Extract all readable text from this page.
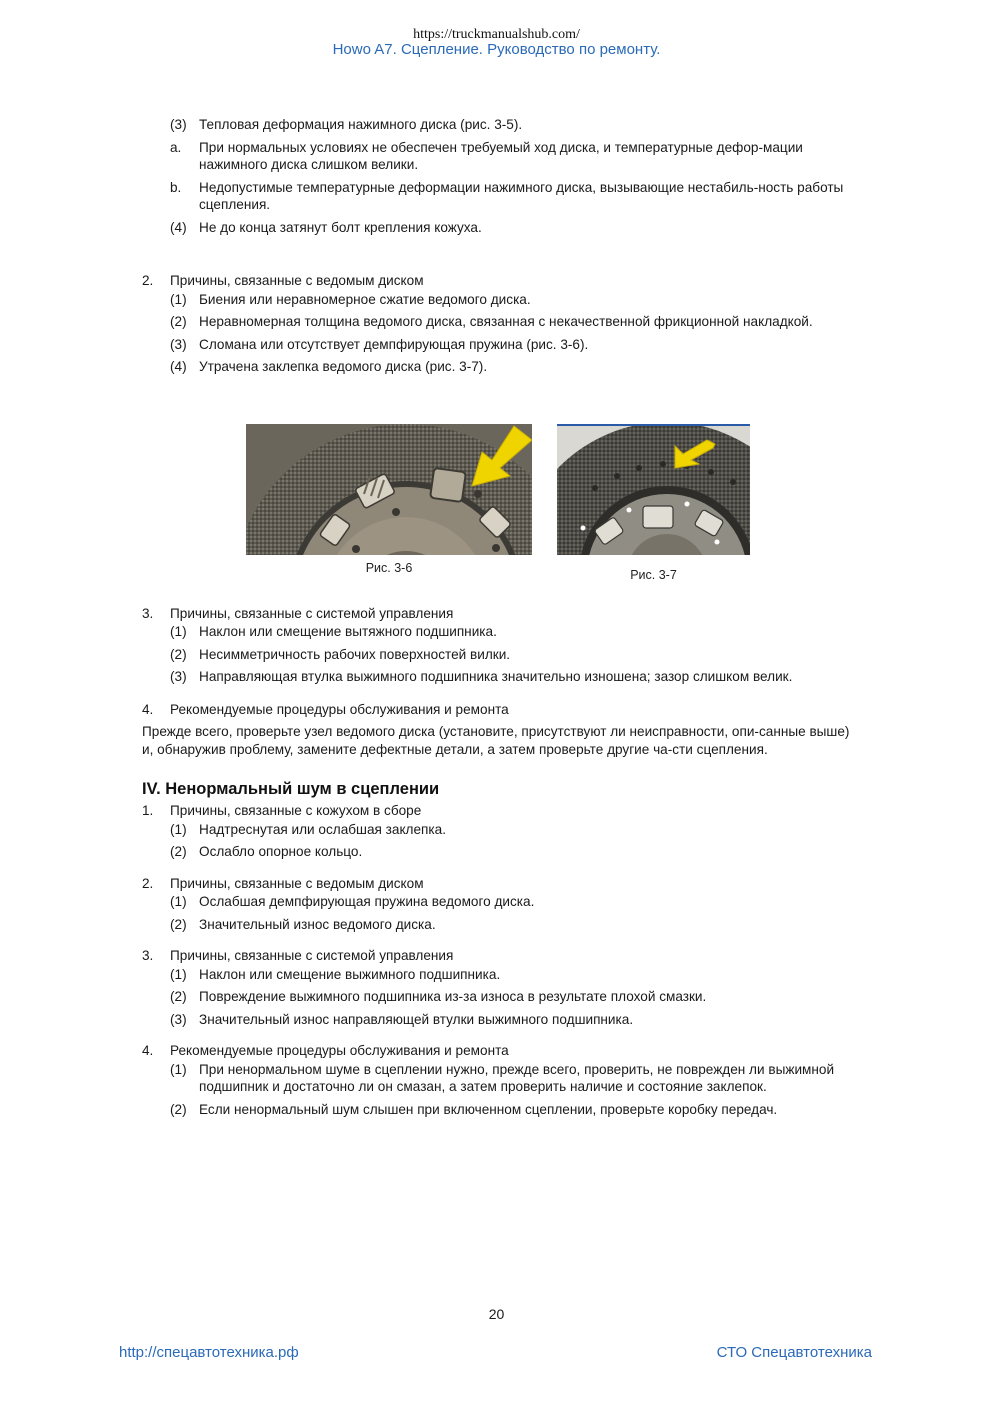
https://truckmanualshub.com/
Howo A7. Сцепление. Руководство по ремонту.
(3) Тепловая деформация нажимного диска (рис. 3-5).
a. При нормальных условиях не обеспечен требуемый ход диска, и температурные дефор-мации нажимного диска слишком велики.
b. Недопустимые температурные деформации нажимного диска, вызывающие нестабиль-ность работы сцепления.
(4) Не до конца затянут болт крепления кожуха.
2. Причины, связанные с ведомым диском
(1) Биения или неравномерное сжатие ведомого диска.
(2) Неравномерная толщина ведомого диска, связанная с некачественной фрикционной накладкой.
(3) Сломана или отсутствует демпфирующая пружина (рис. 3-6).
(4) Утрачена заклепка ведомого диска (рис. 3-7).
Рис. 3-6	Рис. 3-7
3. Причины, связанные с системой управления
(1) Наклон или смещение вытяжного подшипника.
(2) Несимметричность рабочих поверхностей вилки.
(3) Направляющая втулка выжимного подшипника значительно изношена; зазор слишком велик.
4. Рекомендуемые процедуры обслуживания и ремонта

Прежде всего, проверьте узел ведомого диска (установите, присутствуют ли неисправности, опи-санные выше) и, обнаружив проблему, замените дефектные детали, а затем проверьте другие ча-сти сцепления.

IV. Ненормальный шум в сцеплении
1. Причины, связанные с кожухом в сборе
(1) Надтреснутая или ослабшая заклепка.
(2) Ослабло опорное кольцо.
2. Причины, связанные с ведомым диском
(1) Ослабшая демпфирующая пружина ведомого диска.
(2) Значительный износ ведомого диска.
3. Причины, связанные с системой управления
(1) Наклон или смещение выжимного подшипника.
(2) Повреждение выжимного подшипника из-за износа в результате плохой смазки.
(3) Значительный износ направляющей втулки выжимного подшипника.
4. Рекомендуемые процедуры обслуживания и ремонта
(1) При ненормальном шуме в сцеплении нужно, прежде всего, проверить, не поврежден ли выжимной подшипник и достаточно ли он смазан, а затем проверить наличие и состояние заклепок.
(2) Если ненормальный шум слышен при включенном сцеплении, проверьте коробку передач.
20
http://спецавтотехника.рф	СТО Спецавтотехника
